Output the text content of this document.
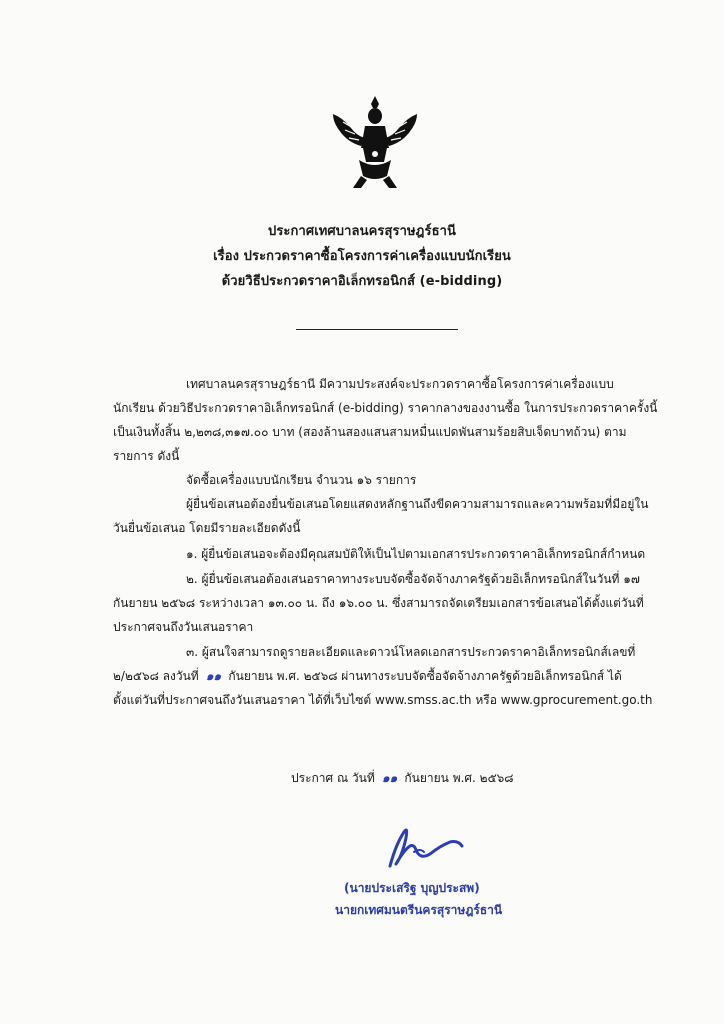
ประกาศเทศบาลนครสุราษฎร์ธานี
เรื่อง ประกวดราคาซื้อโครงการค่าเครื่องแบบนักเรียน
ด้วยวิธีประกวดราคาอิเล็กทรอนิกส์ (e-bidding)
เทศบาลนครสุราษฎร์ธานี มีความประสงค์จะประกวดราคาซื้อโครงการค่าเครื่องแบบ
นักเรียน ด้วยวิธีประกวดราคาอิเล็กทรอนิกส์ (e-bidding) ราคากลางของงานซื้อ ในการประกวดราคาครั้งนี้
เป็นเงินทั้งสิ้น ๒,๒๓๘,๓๑๗.๐๐ บาท (สองล้านสองแสนสามหมื่นแปดพันสามร้อยสิบเจ็ดบาทถ้วน) ตาม
รายการ ดังนี้
จัดซื้อเครื่องแบบนักเรียน จำนวน ๑๖ รายการ
ผู้ยื่นข้อเสนอต้องยื่นข้อเสนอโดยแสดงหลักฐานถึงขีดความสามารถและความพร้อมที่มีอยู่ใน
วันยื่นข้อเสนอ โดยมีรายละเอียดดังนี้
๑. ผู้ยื่นข้อเสนอจะต้องมีคุณสมบัติให้เป็นไปตามเอกสารประกวดราคาอิเล็กทรอนิกส์กำหนด
๒. ผู้ยื่นข้อเสนอต้องเสนอราคาทางระบบจัดซื้อจัดจ้างภาครัฐด้วยอิเล็กทรอนิกส์ในวันที่ ๑๗
กันยายน ๒๕๖๘ ระหว่างเวลา ๑๓.๐๐ น. ถึง ๑๖.๐๐ น. ซึ่งสามารถจัดเตรียมเอกสารข้อเสนอได้ตั้งแต่วันที่
ประกาศจนถึงวันเสนอราคา
๓. ผู้สนใจสามารถดูรายละเอียดและดาวน์โหลดเอกสารประกวดราคาอิเล็กทรอนิกส์เลขที่
๒/๒๕๖๘ ลงวันที่ ๑๑ กันยายน พ.ศ. ๒๕๖๘ ผ่านทางระบบจัดซื้อจัดจ้างภาครัฐด้วยอิเล็กทรอนิกส์ ได้
ตั้งแต่วันที่ประกาศจนถึงวันเสนอราคา ได้ที่เว็บไซต์ www.smss.ac.th หรือ www.gprocurement.go.th
ประกาศ ณ วันที่ ๑๑ กันยายน พ.ศ. ๒๕๖๘
(นายประเสริฐ บุญประสพ)
นายกเทศมนตรีนครสุราษฎร์ธานี
